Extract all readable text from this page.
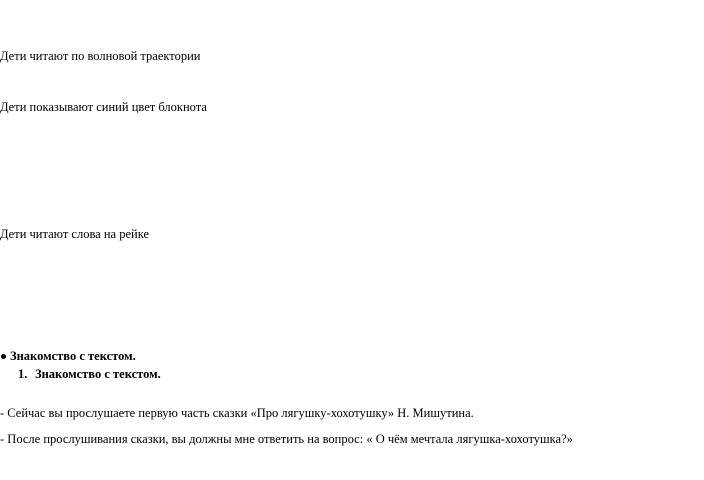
Дети читают по волновой траектории
Дети показывают синий цвет блокнота
Дети читают слова на рейке
Знакомство с текстом.
1. Знакомство с текстом.
- Сейчас вы прослушаете первую часть сказки «Про лягушку-хохотушку» Н. Мишутина.
- После прослушивания сказки, вы должны мне ответить на вопрос: « О чём мечтала лягушка-хохотушка?»
